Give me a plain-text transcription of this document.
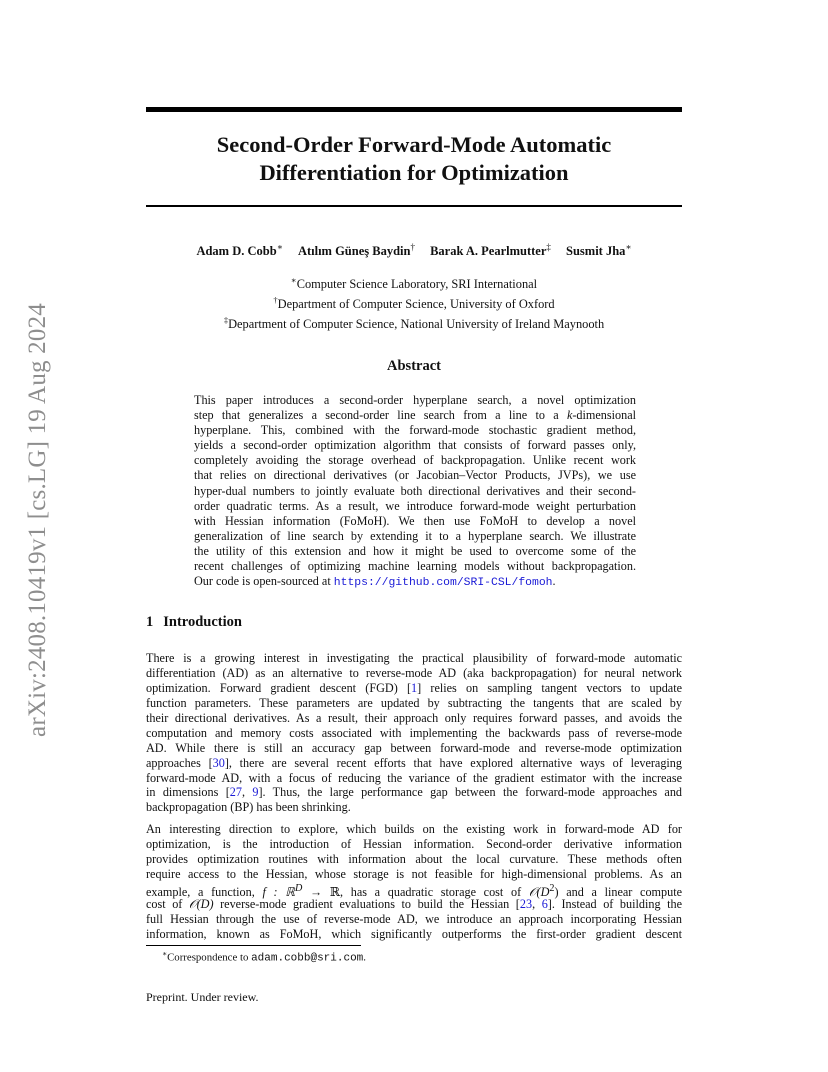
arXiv:2408.10419v1 [cs.LG] 19 Aug 2024
Second-Order Forward-Mode Automatic
Differentiation for Optimization
Adam D. Cobb∗ Atılım Güneş Baydin† Barak A. Pearlmutter‡ Susmit Jha∗
∗Computer Science Laboratory, SRI International
†Department of Computer Science, University of Oxford
‡Department of Computer Science, National University of Ireland Maynooth
Abstract
This paper introduces a second-order hyperplane search, a novel optimization
step that generalizes a second-order line search from a line to a k-dimensional
hyperplane. This, combined with the forward-mode stochastic gradient method,
yields a second-order optimization algorithm that consists of forward passes only,
completely avoiding the storage overhead of backpropagation. Unlike recent work
that relies on directional derivatives (or Jacobian–Vector Products, JVPs), we use
hyper-dual numbers to jointly evaluate both directional derivatives and their second-
order quadratic terms. As a result, we introduce forward-mode weight perturbation
with Hessian information (FoMoH). We then use FoMoH to develop a novel
generalization of line search by extending it to a hyperplane search. We illustrate
the utility of this extension and how it might be used to overcome some of the
recent challenges of optimizing machine learning models without backpropagation.
Our code is open-sourced at https://github.com/SRI-CSL/fomoh.
1 Introduction
There is a growing interest in investigating the practical plausibility of forward-mode automatic
differentiation (AD) as an alternative to reverse-mode AD (aka backpropagation) for neural network
optimization. Forward gradient descent (FGD) [1] relies on sampling tangent vectors to update
function parameters. These parameters are updated by subtracting the tangents that are scaled by
their directional derivatives. As a result, their approach only requires forward passes, and avoids the
computation and memory costs associated with implementing the backwards pass of reverse-mode
AD. While there is still an accuracy gap between forward-mode and reverse-mode optimization
approaches [30], there are several recent efforts that have explored alternative ways of leveraging
forward-mode AD, with a focus of reducing the variance of the gradient estimator with the increase
in dimensions [27, 9]. Thus, the large performance gap between the forward-mode approaches and
backpropagation (BP) has been shrinking.
An interesting direction to explore, which builds on the existing work in forward-mode AD for
optimization, is the introduction of Hessian information. Second-order derivative information
provides optimization routines with information about the local curvature. These methods often
require access to the Hessian, whose storage is not feasible for high-dimensional problems. As an
example, a function, f : ℝ$^D$ → ℝ, has a quadratic storage cost of $𝒪(D^2)$ and a linear compute
cost of 𝒪(D) reverse-mode gradient evaluations to build the Hessian [23, 6]. Instead of building the
full Hessian through the use of reverse-mode AD, we introduce an approach incorporating Hessian
information, known as FoMoH, which significantly outperforms the first-order gradient descent
∗Correspondence to adam.cobb@sri.com.
Preprint. Under review.
